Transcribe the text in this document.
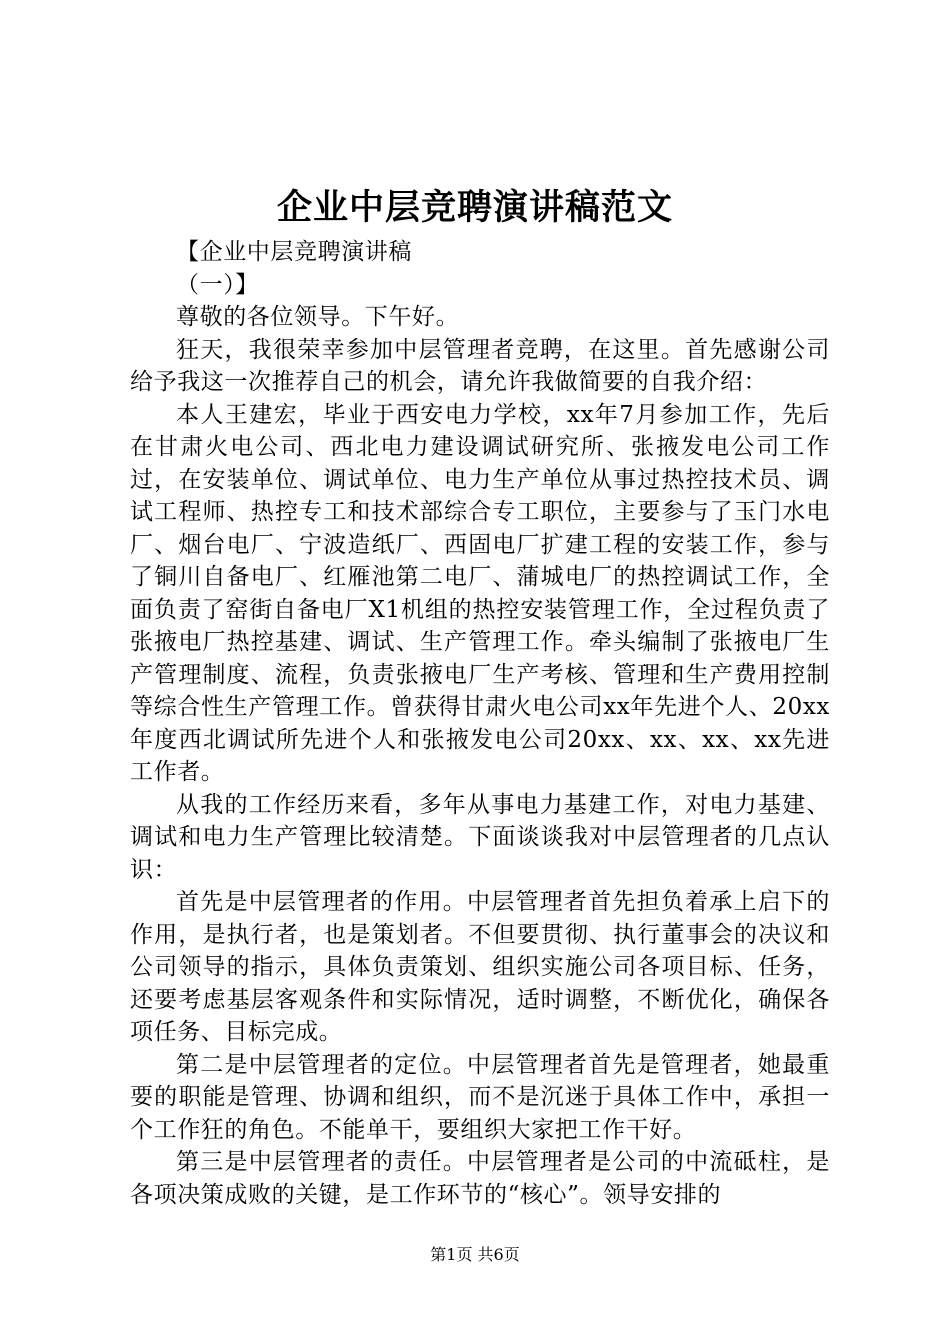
企业中层竞聘演讲稿范文

【企业中层竞聘演讲稿

（一）】

尊敬的各位领导。下午好。

狂天，我很荣幸参加中层管理者竞聘，在这里。首先感谢公司给予我这一次推荐自己的机会，请允许我做简要的自我介绍：

本人王建宏，毕业于西安电力学校，xx年7月参加工作，先后在甘肃火电公司、西北电力建设调试研究所、张掖发电公司工作过，在安装单位、调试单位、电力生产单位从事过热控技术员、调试工程师、热控专工和技术部综合专工职位，主要参与了玉门水电厂、烟台电厂、宁波造纸厂、西固电厂扩建工程的安装工作，参与了铜川自备电厂、红雁池第二电厂、蒲城电厂的热控调试工作，全面负责了窑街自备电厂X1机组的热控安装管理工作，全过程负责了张掖电厂热控基建、调试、生产管理工作。牵头编制了张掖电厂生产管理制度、流程，负责张掖电厂生产考核、管理和生产费用控制等综合性生产管理工作。曾获得甘肃火电公司xx年先进个人、20xx年度西北调试所先进个人和张掖发电公司20xx、xx、xx、xx先进工作者。

从我的工作经历来看，多年从事电力基建工作，对电力基建、调试和电力生产管理比较清楚。下面谈谈我对中层管理者的几点认识：

首先是中层管理者的作用。中层管理者首先担负着承上启下的作用，是执行者，也是策划者。不但要贯彻、执行董事会的决议和公司领导的指示，具体负责策划、组织实施公司各项目标、任务，还要考虑基层客观条件和实际情况，适时调整，不断优化，确保各项任务、目标完成。

第二是中层管理者的定位。中层管理者首先是管理者，她最重要的职能是管理、协调和组织，而不是沉迷于具体工作中，承担一个工作狂的角色。不能单干，要组织大家把工作干好。

第三是中层管理者的责任。中层管理者是公司的中流砥柱，是各项决策成败的关键，是工作环节的“核心”。领导安排的

第1页 共6页
